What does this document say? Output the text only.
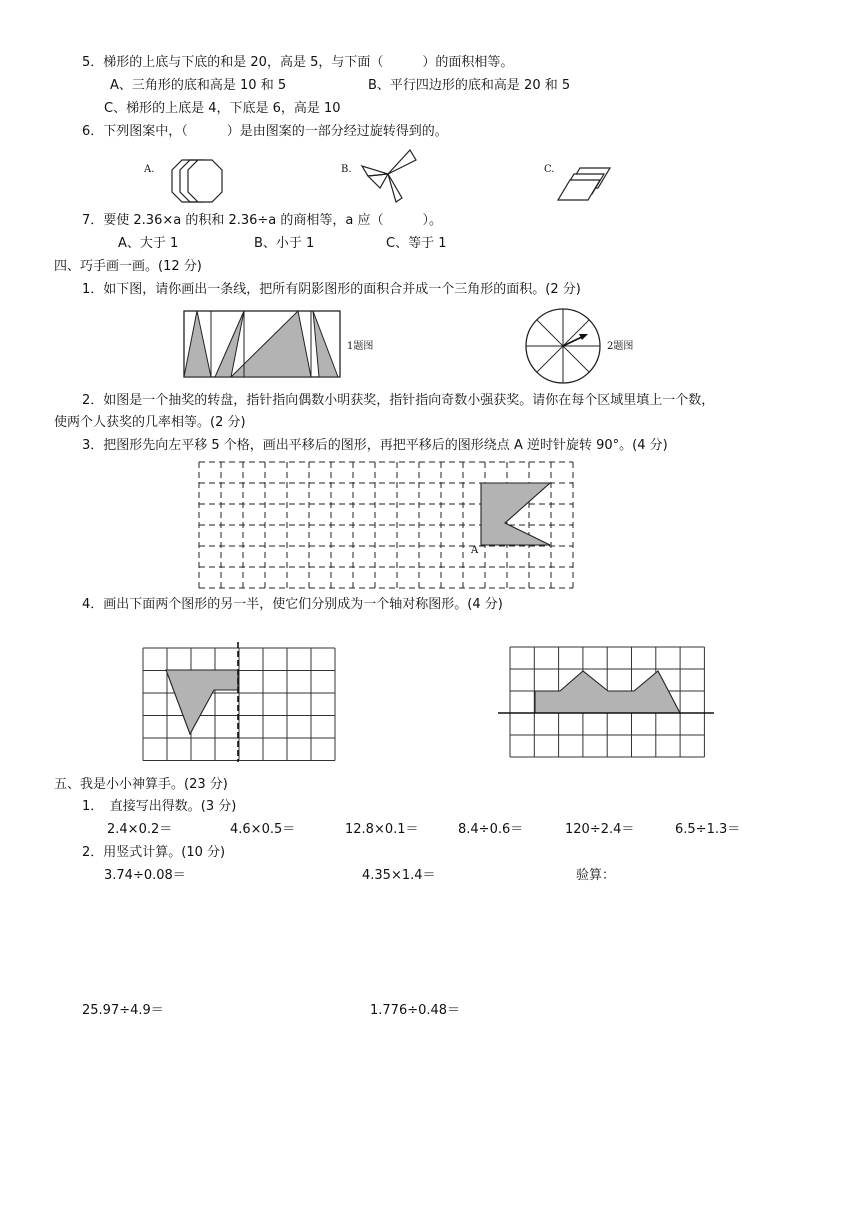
5．梯形的上底与下底的和是 20，高是 5，与下面（　　　）的面积相等。
A、三角形的底和高是 10 和 5	B、平行四边形的底和高是 20 和 5
C、梯形的上底是 4，下底是 6，高是 10
6．下列图案中，（　　　）是由图案的一部分经过旋转得到的。
A.	B.	C.
7．要使 2.36×a 的积和 2.36÷a 的商相等，a 应（　　　）。
A、大于 1	B、小于 1	C、等于 1
四、巧手画一画。(12 分)
1．如下图，请你画出一条线，把所有阴影图形的面积合并成一个三角形的面积。(2 分)
1题图	2题图
2．如图是一个抽奖的转盘，指针指向偶数小明获奖，指针指向奇数小强获奖。请你在每个区域里填上一个数，
使两个人获奖的几率相等。(2 分)
3．把图形先向左平移 5 个格，画出平移后的图形，再把平移后的图形绕点 A 逆时针旋转 90°。(4 分)
A
4．画出下面两个图形的另一半，使它们分别成为一个轴对称图形。(4 分)
五、我是小小神算手。(23 分)
1．　直接写出得数。(3 分)
2.4×0.2＝	4.6×0.5＝	12.8×0.1＝	8.4÷0.6＝	120÷2.4＝	6.5÷1.3＝
2．用竖式计算。(10 分)
3.74÷0.08＝	4.35×1.4＝	验算：
25.97÷4.9＝	1.776÷0.48＝
